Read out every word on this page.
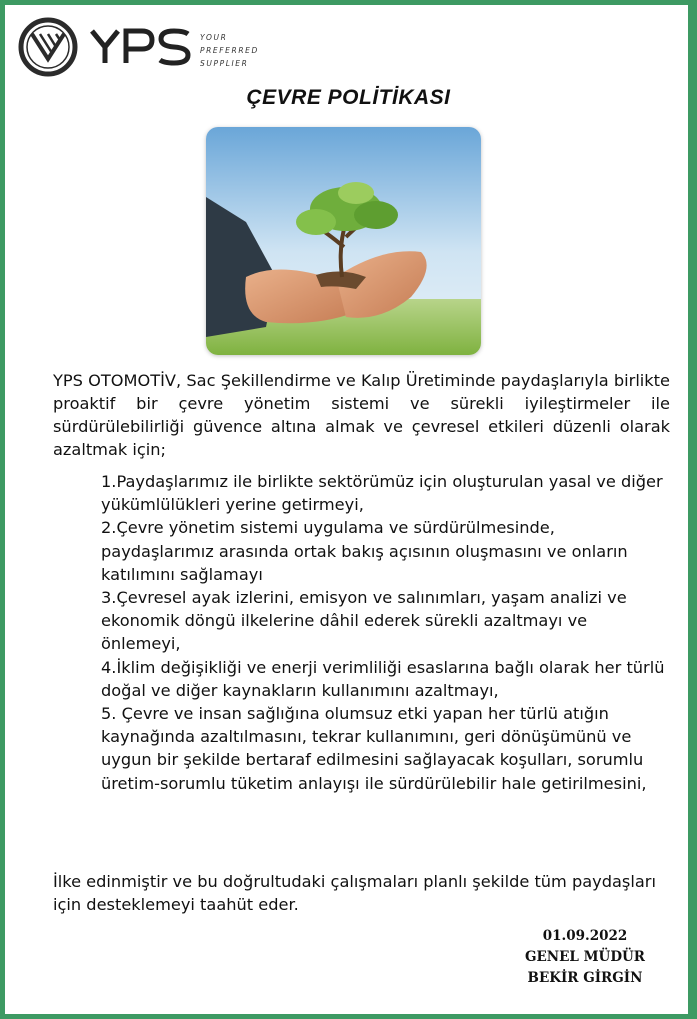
YOUR
PREFERRED
SUPPLIER
ÇEVRE POLİTİKASI
YPS OTOMOTİV, Sac Şekillendirme ve Kalıp Üretiminde paydaşlarıyla birlikte proaktif bir çevre yönetim sistemi ve sürekli iyileştirmeler ile sürdürülebilirliği güvence altına almak ve çevresel etkileri düzenli olarak azaltmak için;

1.Paydaşlarımız ile birlikte sektörümüz için oluşturulan yasal ve diğer yükümlülükleri yerine getirmeyi,

2.Çevre yönetim sistemi uygulama ve sürdürülmesinde, paydaşlarımız arasında ortak bakış açısının oluşmasını ve onların katılımını sağlamayı

3.Çevresel ayak izlerini, emisyon ve salınımları, yaşam analizi ve ekonomik döngü ilkelerine dâhil ederek sürekli azaltmayı ve önlemeyi,

4.İklim değişikliği ve enerji verimliliği esaslarına bağlı olarak her türlü doğal ve diğer kaynakların kullanımını azaltmayı,

5. Çevre ve insan sağlığına olumsuz etki yapan her türlü atığın kaynağında azaltılmasını, tekrar kullanımını, geri dönüşümünü ve uygun bir şekilde bertaraf edilmesini sağlayacak koşulları, sorumlu üretim-sorumlu tüketim anlayışı ile sürdürülebilir hale getirilmesini,

İlke edinmiştir ve bu doğrultudaki çalışmaları planlı şekilde tüm paydaşları için desteklemeyi taahüt eder.
01.09.2022
GENEL MÜDÜR
BEKİR GİRGİN
